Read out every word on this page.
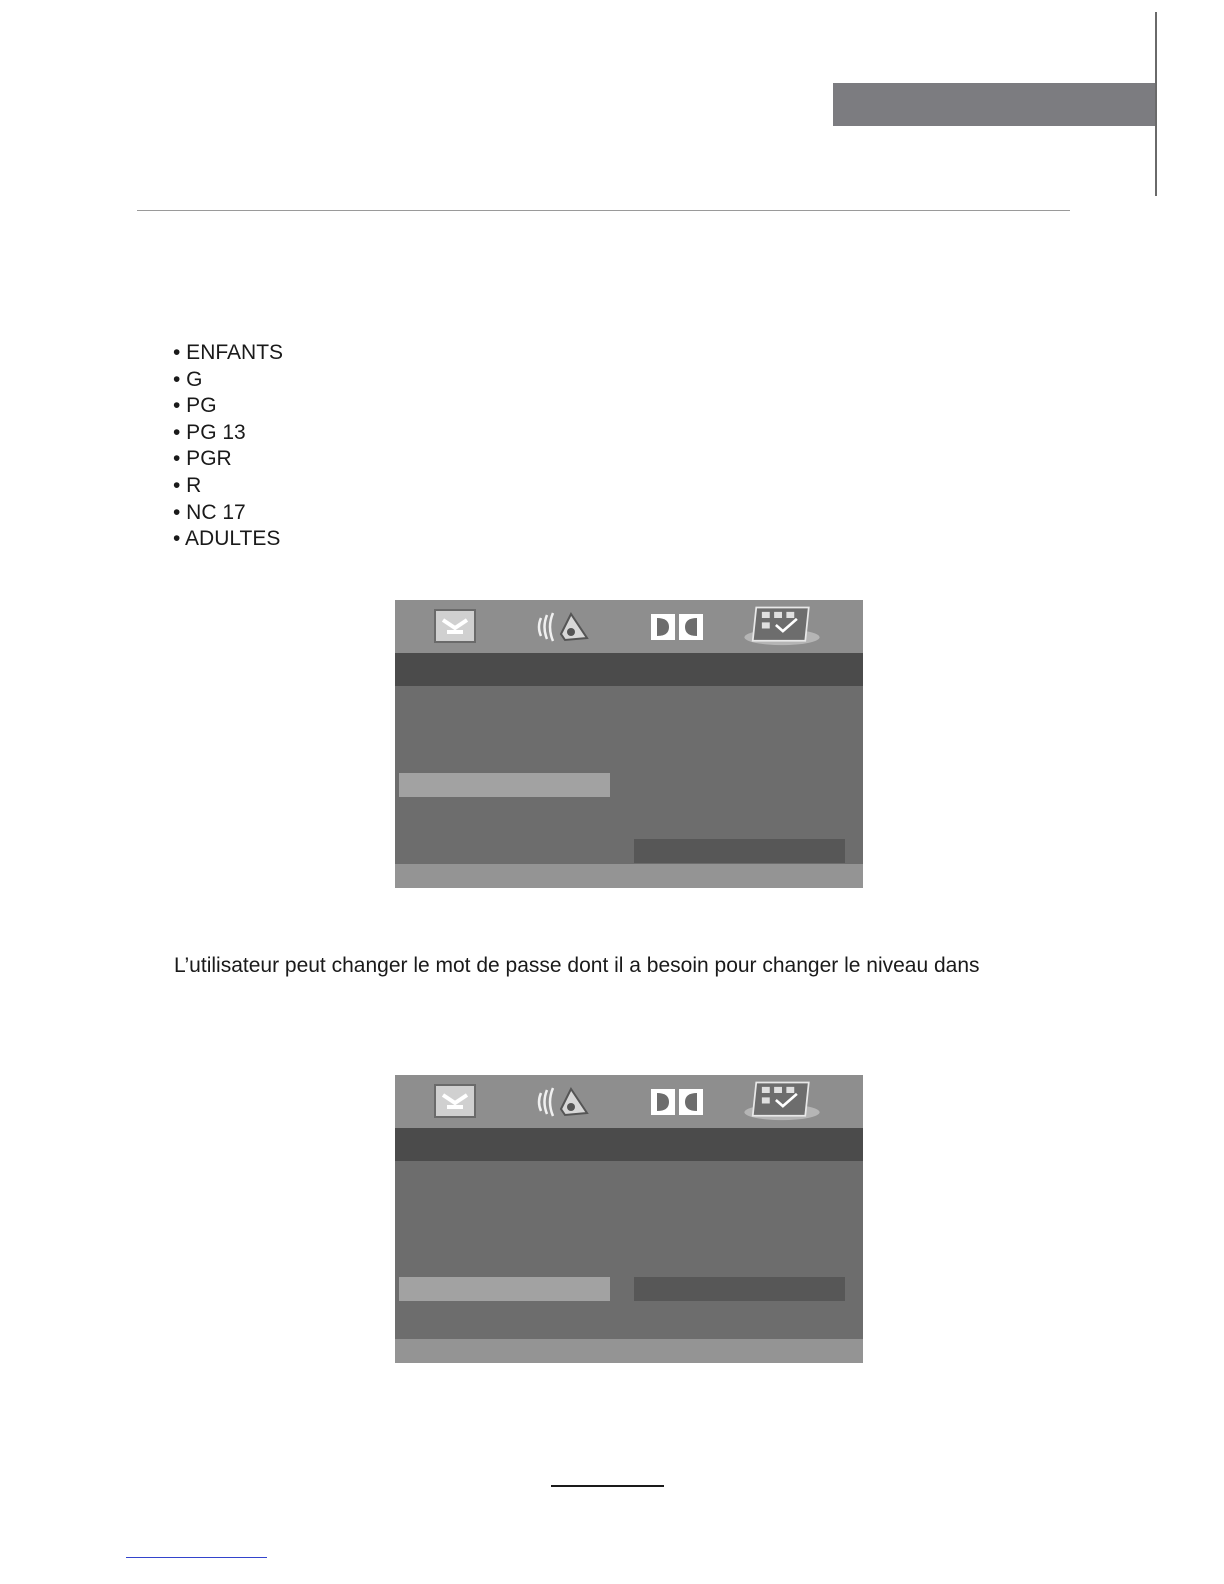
• ENFANTS
• G
• PG
• PG 13
• PGR
• R
• NC 17
• ADULTES

L’utilisateur peut changer le mot de passe dont il a besoin pour changer le niveau dans
